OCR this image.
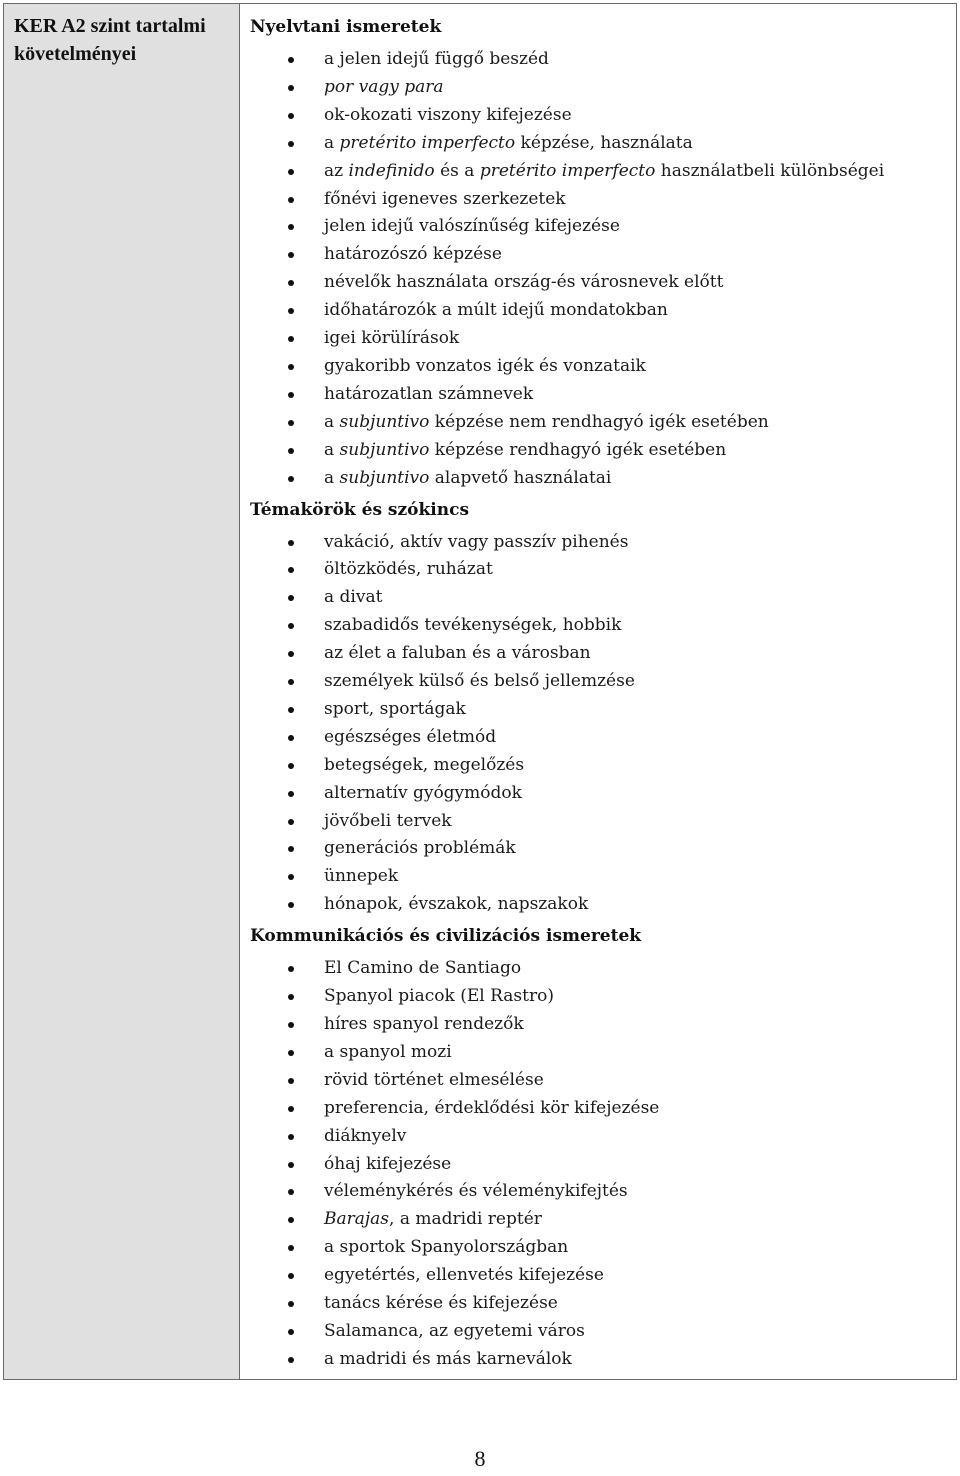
KER A2 szint tartalmi követelményei
Nyelvtani ismeretek
a jelen idejű függő beszéd
por vagy para
ok-okozati viszony kifejezése
a pretérito imperfecto képzése, használata
az indefinido és a pretérito imperfecto használatbeli különbségei
főnévi igeneves szerkezetek
jelen idejű valószínűség kifejezése
határozószó képzése
névelők használata ország-és városnevek előtt
időhatározók a múlt idejű mondatokban
igei körülírások
gyakoribb vonzatos igék és vonzataik
határozatlan számnevek
a subjuntivo képzése nem rendhagyó igék esetében
a subjuntivo képzése rendhagyó igék esetében
a subjuntivo alapvető használatai
Témakörök és szókincs
vakáció, aktív vagy passzív pihenés
öltözködés, ruházat
a divat
szabadidős tevékenységek, hobbik
az élet a faluban és a városban
személyek külső és belső jellemzése
sport, sportágak
egészséges életmód
betegségek, megelőzés
alternatív gyógymódok
jövőbeli tervek
generációs problémák
ünnepek
hónapok, évszakok, napszakok
Kommunikációs és civilizációs ismeretek
El Camino de Santiago
Spanyol piacok (El Rastro)
híres spanyol rendezők
a spanyol mozi
rövid történet elmesélése
preferencia, érdeklődési kör kifejezése
diáknyelv
óhaj kifejezése
véleménykérés és véleménykifejtés
Barajas, a madridi reptér
a sportok Spanyolországban
egyetértés, ellenvetés kifejezése
tanács kérése és kifejezése
Salamanca, az egyetemi város
a madridi és más karneválok
8
